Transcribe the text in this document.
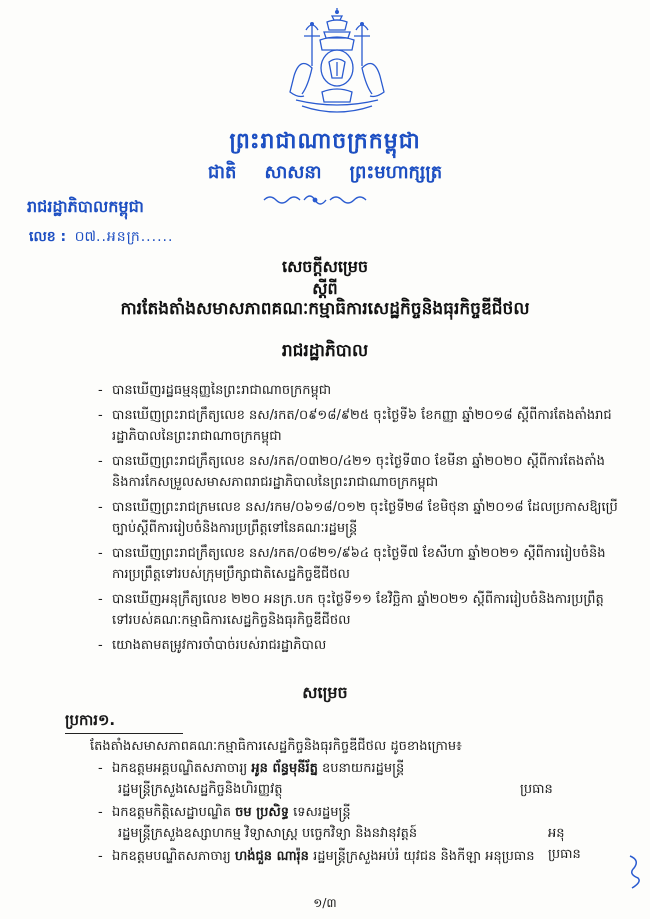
ព្រះរាជាណាចក្រកម្ពុជា
ជាតិ សាសនា ព្រះមហាក្សត្រ
រាជរដ្ឋាភិបាលកម្ពុជា
លេខ : ០៧..អនក្រ......
សេចក្តីសម្រេច
ស្តីពី
ការតែងតាំងសមាសភាពគណៈកម្មាធិការសេដ្ឋកិច្ចនិងធុរកិច្ចឌីជីថល
រាជរដ្ឋាភិបាល
- បានឃើញរដ្ឋធម្មនុញ្ញនៃព្រះរាជាណាចក្រកម្ពុជា
- បានឃើញព្រះរាជក្រឹត្យលេខ នស/រកត/០៩១៨/៩២៥ ចុះថ្ងៃទី៦ ខែកញ្ញា ឆ្នាំ២០១៨ ស្តីពីការតែងតាំងរាជរដ្ឋាភិបាលនៃព្រះរាជាណាចក្រកម្ពុជា
- បានឃើញព្រះរាជក្រឹត្យលេខ នស/រកត/០៣២០/៤២១ ចុះថ្ងៃទី៣០ ខែមីនា ឆ្នាំ២០២០ ស្តីពីការតែងតាំងនិងការកែសម្រួលសមាសភាពរាជរដ្ឋាភិបាលនៃព្រះរាជាណាចក្រកម្ពុជា
- បានឃើញព្រះរាជក្រមលេខ នស/រកម/០៦១៨/០១២ ចុះថ្ងៃទី២៨ ខែមិថុនា ឆ្នាំ២០១៨ ដែលប្រកាសឱ្យប្រើច្បាប់ស្តីពីការរៀបចំនិងការប្រព្រឹត្តទៅនៃគណៈរដ្ឋមន្ត្រី
- បានឃើញព្រះរាជក្រឹត្យលេខ នស/រកត/០៨២១/៩៦៤ ចុះថ្ងៃទី៧ ខែសីហា ឆ្នាំ២០២១ ស្តីពីការរៀបចំនិងការប្រព្រឹត្តទៅរបស់ក្រុមប្រឹក្សាជាតិសេដ្ឋកិច្ចឌីជីថល
- បានឃើញអនុក្រឹត្យលេខ ២២០ អនក្រ.បក ចុះថ្ងៃទី១១ ខែវិច្ឆិកា ឆ្នាំ២០២១ ស្តីពីការរៀបចំនិងការប្រព្រឹត្តទៅរបស់គណៈកម្មាធិការសេដ្ឋកិច្ចនិងធុរកិច្ចឌីជីថល
- យោងតាមតម្រូវការចាំបាច់របស់រាជរដ្ឋាភិបាល
សម្រេច
ប្រការ១.
តែងតាំងសមាសភាពគណៈកម្មាធិការសេដ្ឋកិច្ចនិងធុរកិច្ចឌីជីថល ដូចខាងក្រោម៖
- ឯកឧត្តមអគ្គបណ្ឌិតសភាចារ្យ អូន ព័ន្ធមុនីរ័ត្ន ឧបនាយករដ្ឋមន្ត្រី
រដ្ឋមន្ត្រីក្រសួងសេដ្ឋកិច្ចនិងហិរញ្ញវត្ថុ	ប្រធាន
- ឯកឧត្តមកិត្តិសេដ្ឋាបណ្ឌិត ចម ប្រសិទ្ធ ទេសរដ្ឋមន្ត្រី
រដ្ឋមន្ត្រីក្រសួងឧស្សាហកម្ម វិទ្យាសាស្ត្រ បច្ចេកវិទ្យា និងនវានុវត្តន៍	អនុប្រធាន
- ឯកឧត្តមបណ្ឌិតសភាចារ្យ ហង់ជួន ណារ៉ុន រដ្ឋមន្ត្រីក្រសួងអប់រំ យុវជន និងកីឡា អនុប្រធាន
១/៣
